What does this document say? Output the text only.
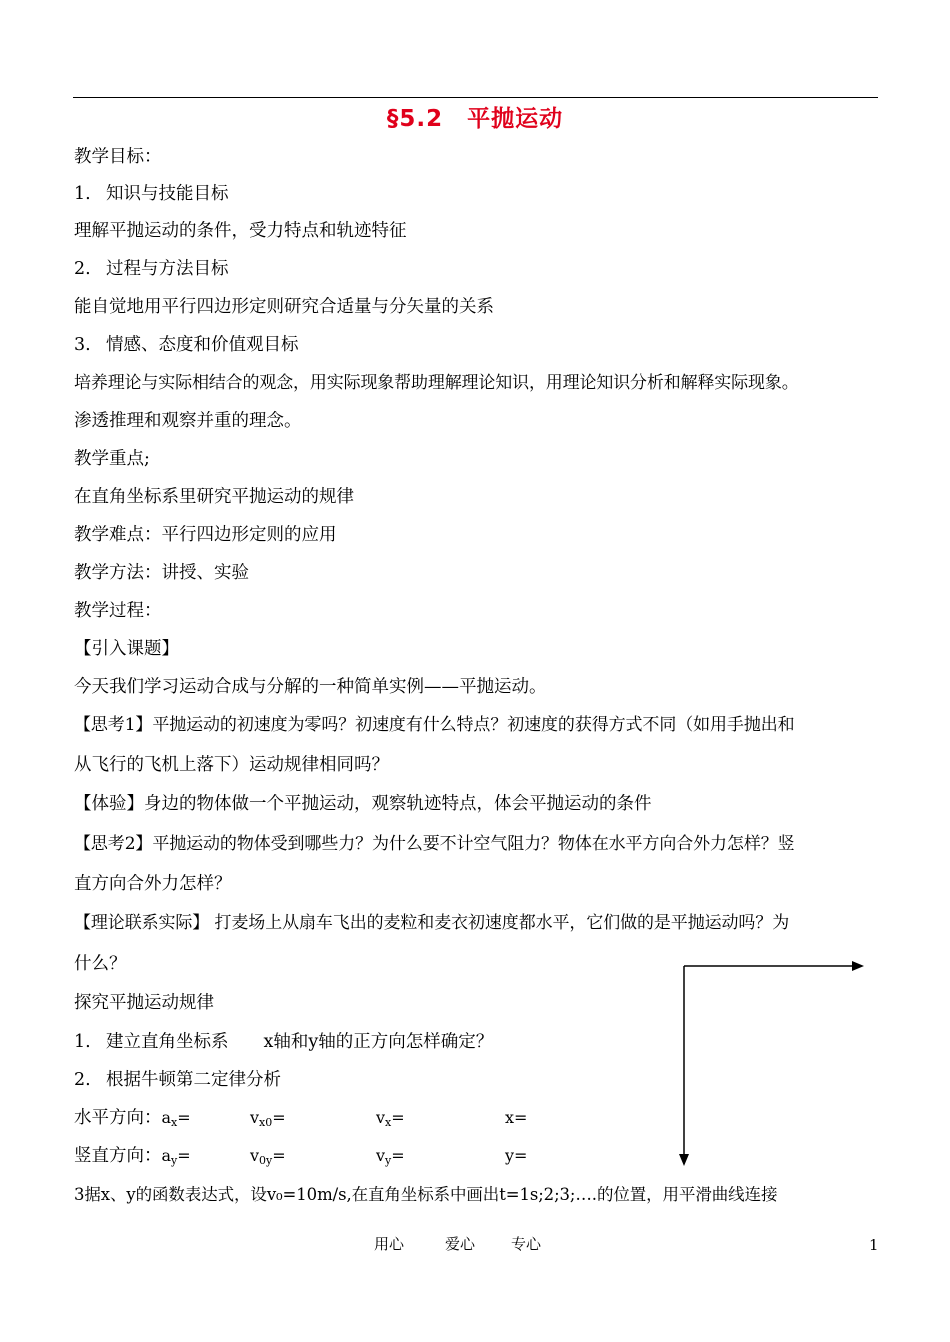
§5.2　平抛运动
教学目标：
1. 知识与技能目标
理解平抛运动的条件，受力特点和轨迹特征
2. 过程与方法目标
能自觉地用平行四边形定则研究合适量与分矢量的关系
3. 情感、态度和价值观目标
培养理论与实际相结合的观念，用实际现象帮助理解理论知识，用理论知识分析和解释实际现象。
渗透推理和观察并重的理念。
教学重点;
在直角坐标系里研究平抛运动的规律
教学难点：平行四边形定则的应用
教学方法：讲授、实验
教学过程：
【引入课题】
今天我们学习运动合成与分解的一种简单实例——平抛运动。
【思考1】平抛运动的初速度为零吗？初速度有什么特点？初速度的获得方式不同（如用手抛出和
从飞行的飞机上落下）运动规律相同吗？
【体验】身边的物体做一个平抛运动，观察轨迹特点，体会平抛运动的条件
【思考2】平抛运动的物体受到哪些力？为什么要不计空气阻力？物体在水平方向合外力怎样？竖
直方向合外力怎样？
【理论联系实际】 打麦场上从扇车飞出的麦粒和麦衣初速度都水平，它们做的是平抛运动吗？为
什么？
探究平抛运动规律
1. 建立直角坐标系　　x轴和y轴的正方向怎样确定？
2. 根据牛顿第二定律分析
水平方向：$a_x=$	$v_{x0}=$	$v_x=$	x=
竖直方向：$a_y=$	$v_{0y}=$	$v_y=$	y=
3据x、y的函数表达式，设v₀=10m/s,在直角坐标系中画出t=1s;2;3;….的位置，用平滑曲线连接
用心	爱心 专心	1
